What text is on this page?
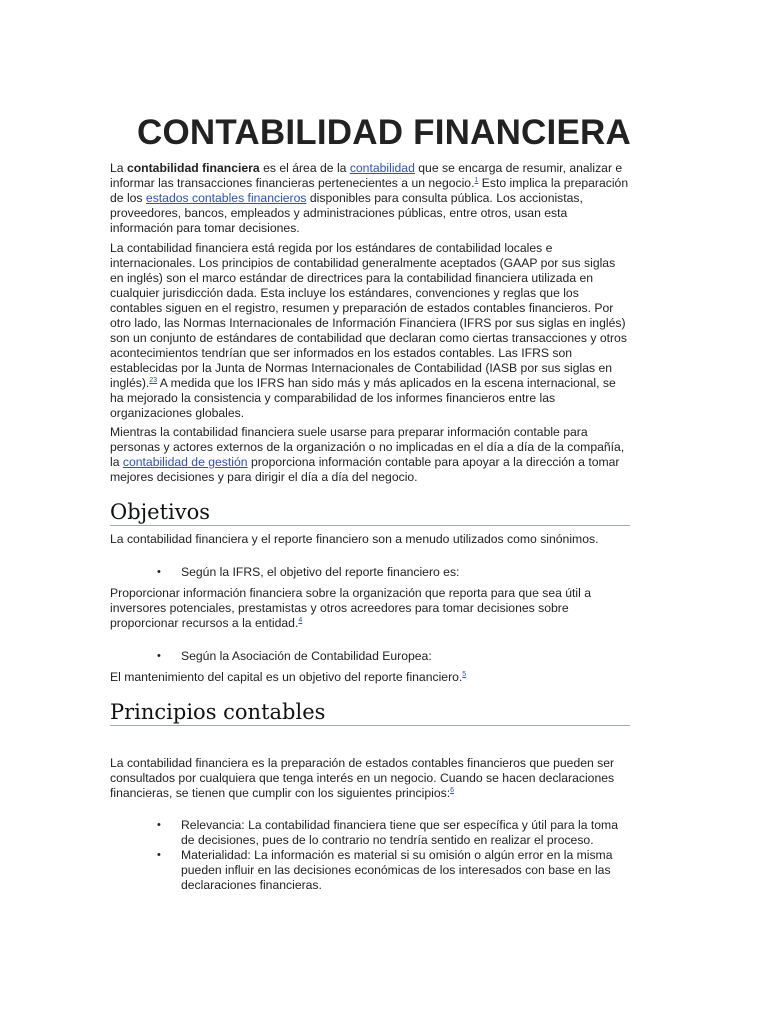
CONTABILIDAD FINANCIERA

La contabilidad financiera es el área de la contabilidad que se encarga de resumir, analizar e informar las transacciones financieras pertenecientes a un negocio.$^1$ Esto implica la preparación de los estados contables financieros disponibles para consulta pública. Los accionistas, proveedores, bancos, empleados y administraciones públicas, entre otros, usan esta información para tomar decisiones.

La contabilidad financiera está regida por los estándares de contabilidad locales e internacionales. Los principios de contabilidad generalmente aceptados (GAAP por sus siglas en inglés) son el marco estándar de directrices para la contabilidad financiera utilizada en cualquier jurisdicción dada. Esta incluye los estándares, convenciones y reglas que los contables siguen en el registro, resumen y preparación de estados contables financieros. Por otro lado, las Normas Internacionales de Información Financiera (IFRS por sus siglas en inglés) son un conjunto de estándares de contabilidad que declaran como ciertas transacciones y otros acontecimientos tendrían que ser informados en los estados contables. Las IFRS son establecidas por la Junta de Normas Internacionales de Contabilidad (IASB por sus siglas en inglés).$^{23}$ A medida que los IFRS han sido más y más aplicados en la escena internacional, se ha mejorado la consistencia y comparabilidad de los informes financieros entre las organizaciones globales.

Mientras la contabilidad financiera suele usarse para preparar información contable para personas y actores externos de la organización o no implicadas en el día a día de la compañía, la contabilidad de gestión proporciona información contable para apoyar a la dirección a tomar mejores decisiones y para dirigir el día a día del negocio.

Objetivos

La contabilidad financiera y el reporte financiero son a menudo utilizados como sinónimos.

• Según la IFRS, el objetivo del reporte financiero es:

Proporcionar información financiera sobre la organización que reporta para que sea útil a inversores potenciales, prestamistas y otros acreedores para tomar decisiones sobre proporcionar recursos a la entidad.$^4$

• Según la Asociación de Contabilidad Europea:

El mantenimiento del capital es un objetivo del reporte financiero.$^5$

Principios contables

La contabilidad financiera es la preparación de estados contables financieros que pueden ser consultados por cualquiera que tenga interés en un negocio. Cuando se hacen declaraciones financieras, se tienen que cumplir con los siguientes principios:$^6$

• Relevancia: La contabilidad financiera tiene que ser específica y útil para la toma de decisiones, pues de lo contrario no tendría sentido en realizar el proceso.
• Materialidad: La información es material si su omisión o algún error en la misma pueden influir en las decisiones económicas de los interesados con base en las declaraciones financieras.
